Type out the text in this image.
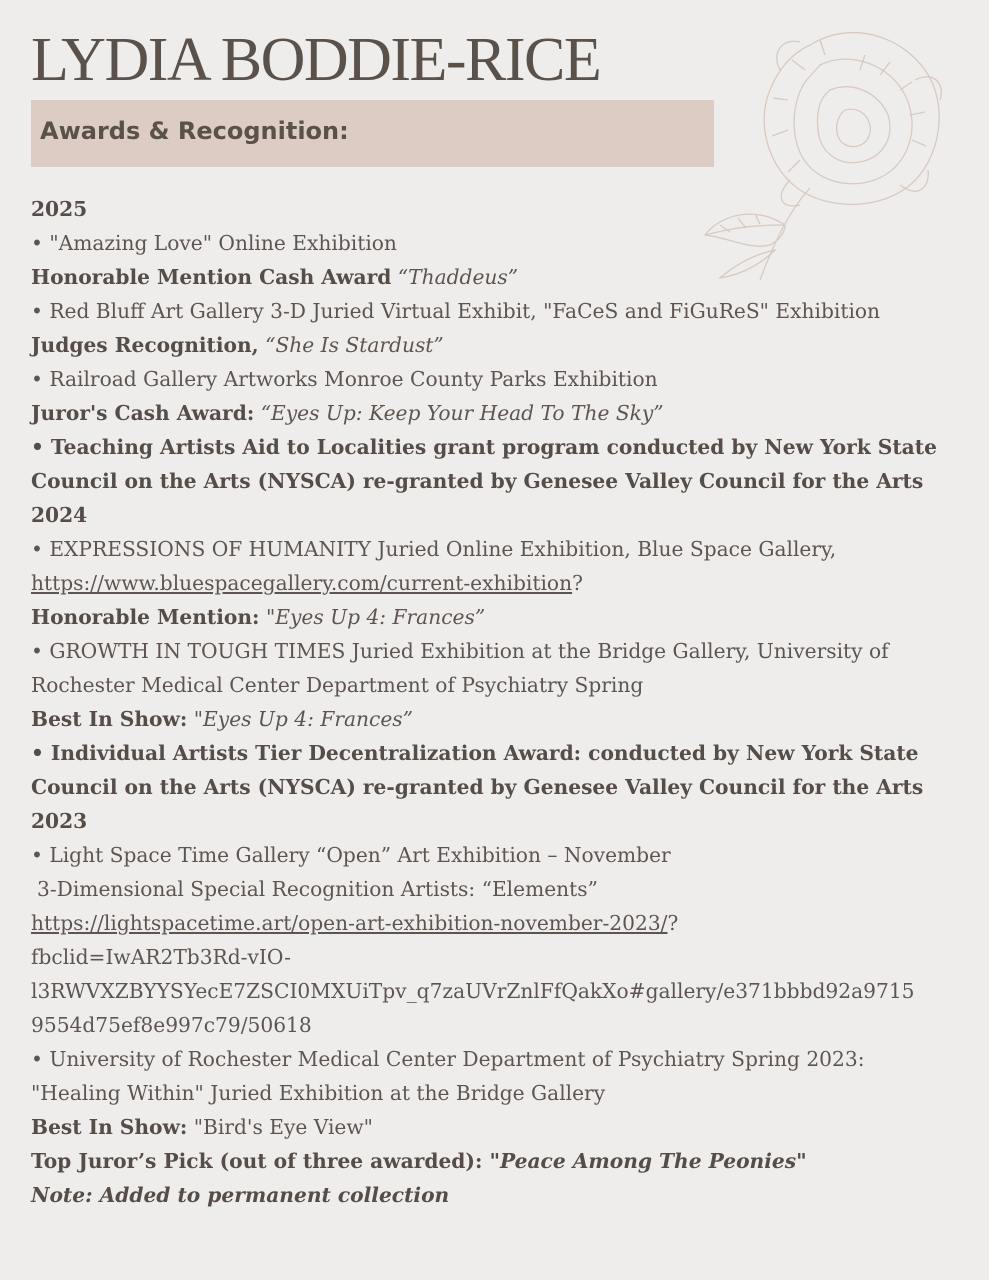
LYDIA BODDIE-RICE
Awards & Recognition:
2025
• "Amazing Love" Online Exhibition
Honorable Mention Cash Award “Thaddeus”
• Red Bluff Art Gallery 3-D Juried Virtual Exhibit, "FaCeS and FiGuReS" Exhibition
Judges Recognition, “She Is Stardust”
• Railroad Gallery Artworks Monroe County Parks Exhibition
Juror's Cash Award: “Eyes Up: Keep Your Head To The Sky”
• Teaching Artists Aid to Localities grant program conducted by New York State
Council on the Arts (NYSCA) re-granted by Genesee Valley Council for the Arts
2024
• EXPRESSIONS OF HUMANITY Juried Online Exhibition, Blue Space Gallery,
https://www.bluespacegallery.com/current-exhibition?
Honorable Mention: "Eyes Up 4: Frances”
• GROWTH IN TOUGH TIMES Juried Exhibition at the Bridge Gallery, University of
Rochester Medical Center Department of Psychiatry Spring
Best In Show: "Eyes Up 4: Frances”
• Individual Artists Tier Decentralization Award: conducted by New York State
Council on the Arts (NYSCA) re-granted by Genesee Valley Council for the Arts
2023
• Light Space Time Gallery “Open” Art Exhibition – November
3-Dimensional Special Recognition Artists: “Elements”
https://lightspacetime.art/open-art-exhibition-november-2023/?
fbclid=IwAR2Tb3Rd-vIO-
l3RWVXZBYYSYecE7ZSCI0MXUiTpv_q7zaUVrZnlFfQakXo#gallery/e371bbbd92a9715
9554d75ef8e997c79/50618
• University of Rochester Medical Center Department of Psychiatry Spring 2023:
"Healing Within" Juried Exhibition at the Bridge Gallery
Best In Show: "Bird's Eye View"
Top Juror’s Pick (out of three awarded): "Peace Among The Peonies"
Note: Added to permanent collection
